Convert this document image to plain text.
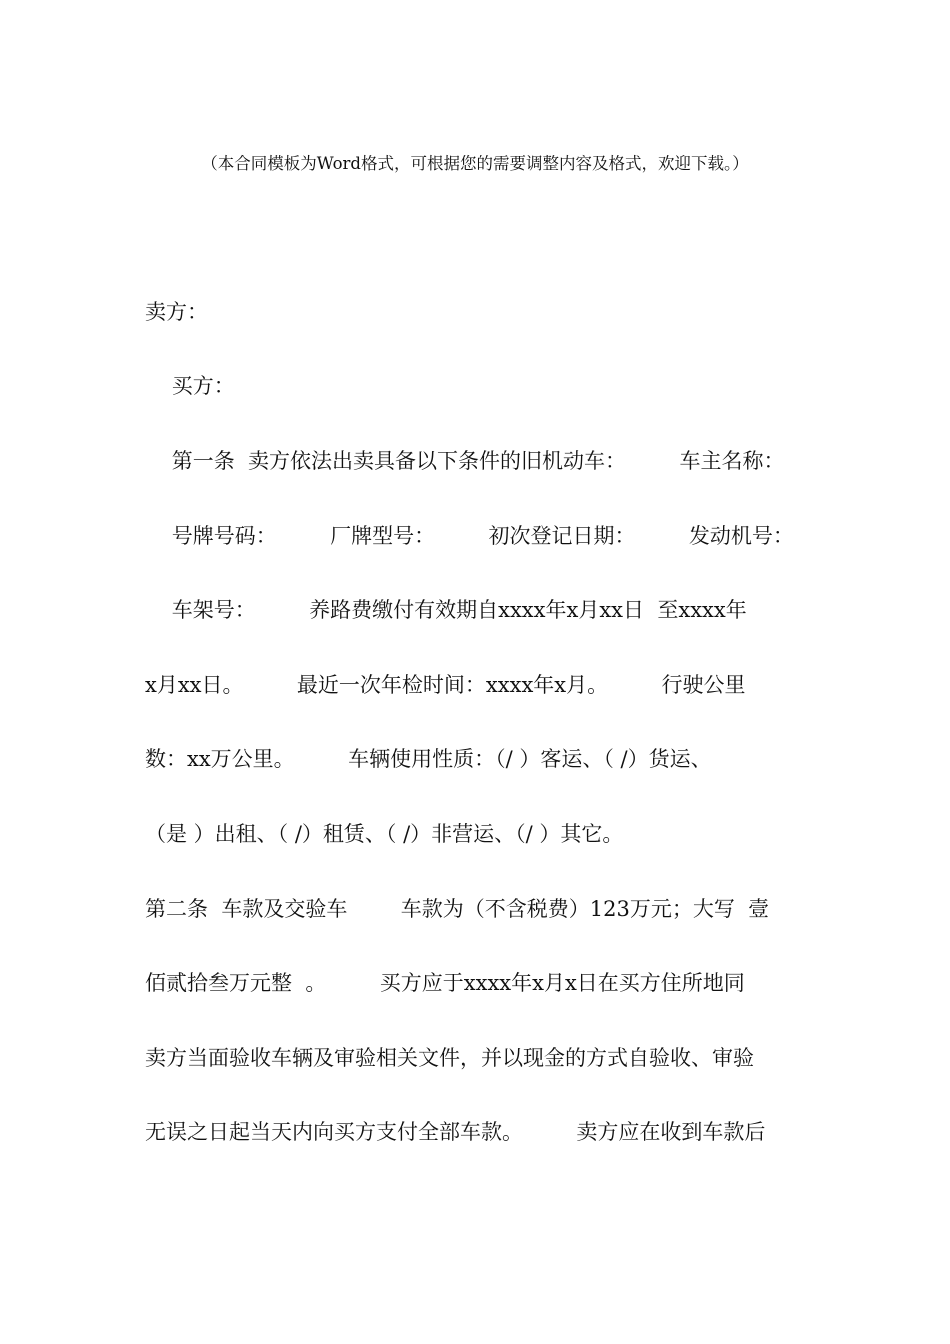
（本合同模板为Word格式，可根据您的需要调整内容及格式，欢迎下载。）
卖方：
买方：
第一条  卖方依法出卖具备以下条件的旧机动车：        车主名称：
号牌号码：        厂牌型号：        初次登记日期：        发动机号：
车架号：        养路费缴付有效期自xxxx年x月xx日  至xxxx年
x月xx日。        最近一次年检时间：xxxx年x月。        行驶公里
数：xx万公里。        车辆使用性质：（/ ）客运、（ /）货运、
（是 ）出租、（ /）租赁、（ /）非营运、（/ ）其它。
第二条  车款及交验车        车款为（不含税费）123万元；大写  壹
佰贰拾叁万元整  。        买方应于xxxx年x月x日在买方住所地同
卖方当面验收车辆及审验相关文件，并以现金的方式自验收、审验
无误之日起当天内向买方支付全部车款。        卖方应在收到车款后
